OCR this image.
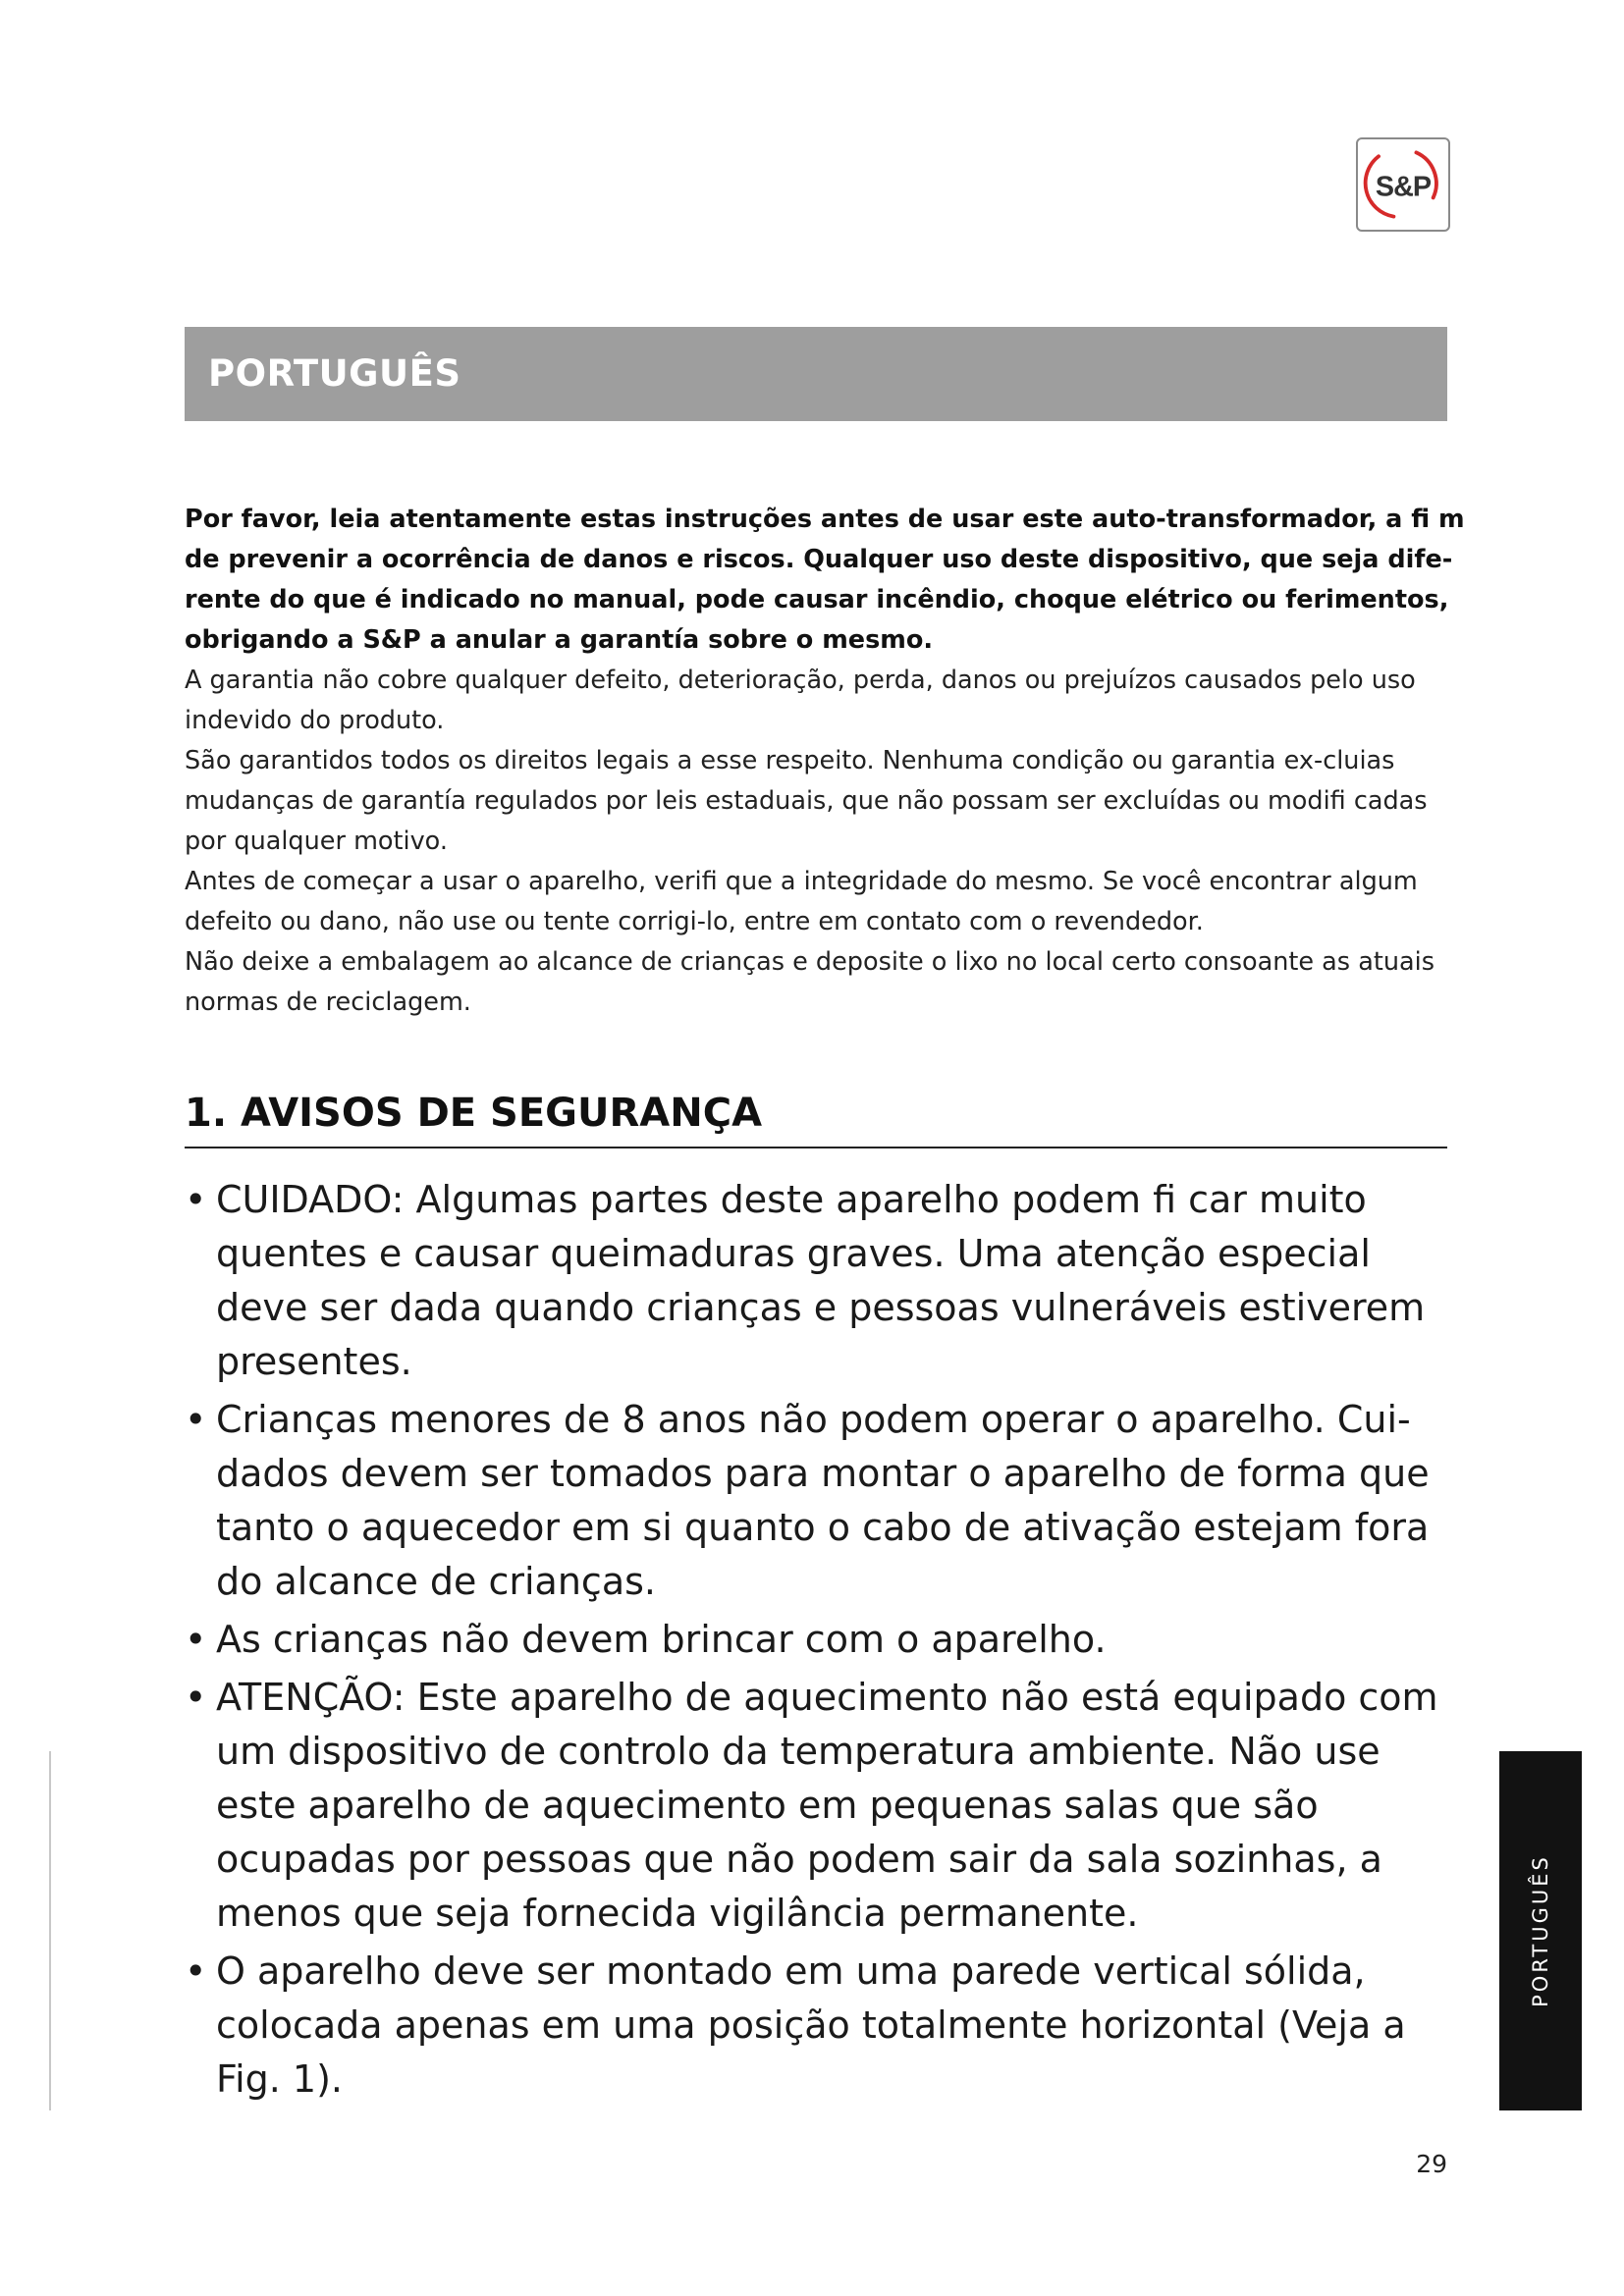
S&P
PORTUGUÊS

Por favor, leia atentamente estas instruções antes de usar este auto-transformador, a fi m de prevenir a ocorrência de danos e riscos. Qualquer uso deste dispositivo, que seja dife-rente do que é indicado no manual, pode causar incêndio, choque elétrico ou ferimentos, obrigando a S&P a anular a garantía sobre o mesmo.

A garantia não cobre qualquer defeito, deterioração, perda, danos ou prejuízos causados pelo uso indevido do produto.

São garantidos todos os direitos legais a esse respeito. Nenhuma condição ou garantia ex-cluias mudanças de garantía regulados por leis estaduais, que não possam ser excluídas ou modifi cadas por qualquer motivo.

Antes de começar a usar o aparelho, verifi que a integridade do mesmo. Se você encontrar algum defeito ou dano, não use ou tente corrigi-lo, entre em contato com o revendedor.

Não deixe a embalagem ao alcance de crianças e deposite o lixo no local certo consoante as atuais normas de reciclagem.

1. AVISOS DE SEGURANÇA
• CUIDADO: Algumas partes deste aparelho podem fi car muito quentes e causar queimaduras graves. Uma atenção especial deve ser dada quando crianças e pessoas vulneráveis estiverem presentes.
• Crianças menores de 8 anos não podem operar o aparelho. Cui-dados devem ser tomados para montar o aparelho de forma que tanto o aquecedor em si quanto o cabo de ativação estejam fora do alcance de crianças.
• As crianças não devem brincar com o aparelho.
• ATENÇÃO: Este aparelho de aquecimento não está equipado com um dispositivo de controlo da temperatura ambiente. Não use este aparelho de aquecimento em pequenas salas que são ocupadas por pessoas que não podem sair da sala sozinhas, a menos que seja fornecida vigilância permanente.
• O aparelho deve ser montado em uma parede vertical sólida, colocada apenas em uma posição totalmente horizontal (Veja a Fig. 1).
PORTUGUÊS
29
